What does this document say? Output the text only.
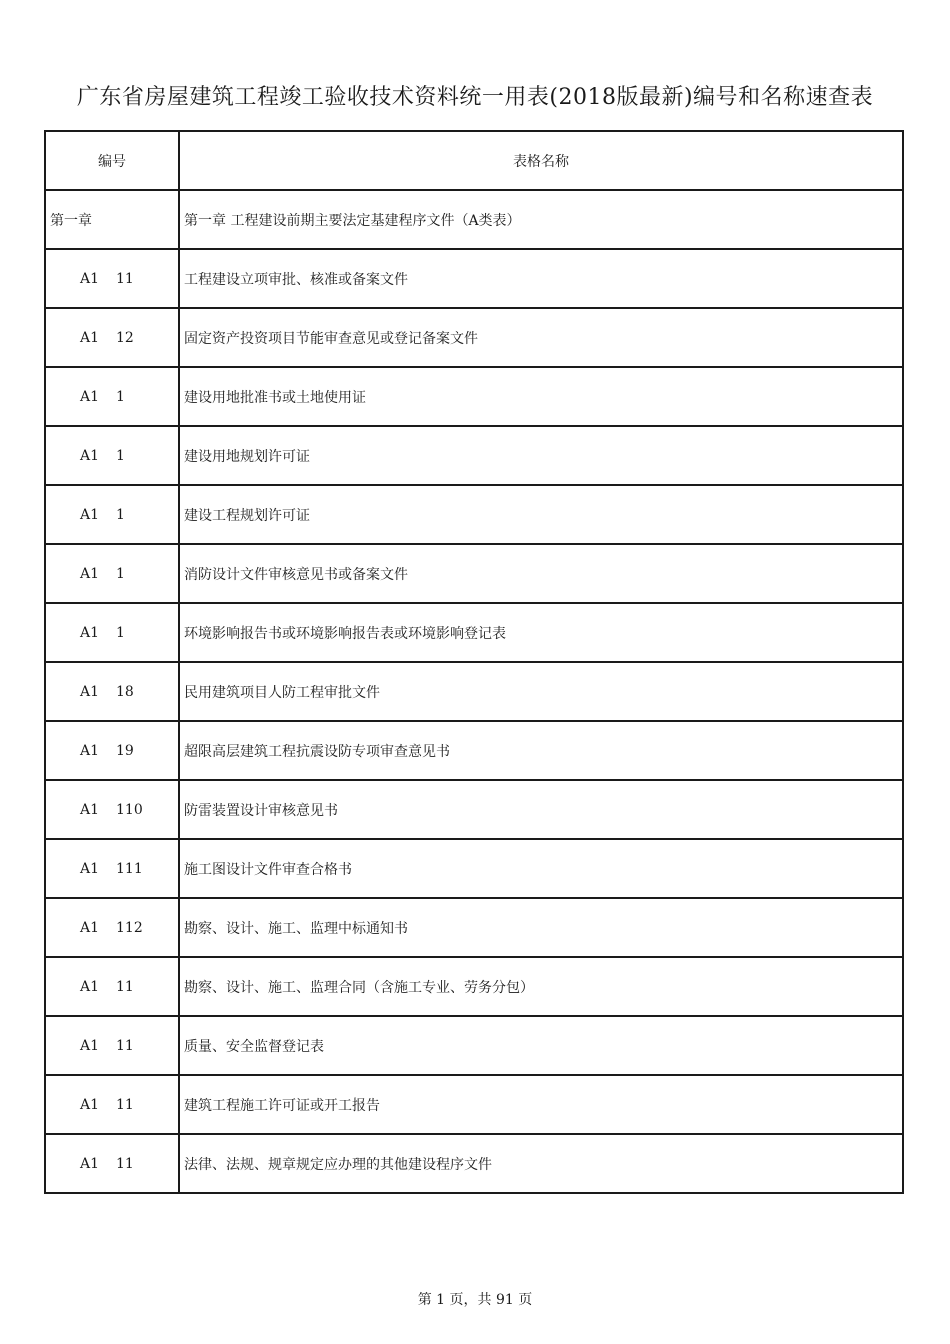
广东省房屋建筑工程竣工验收技术资料统一用表(2018版最新)编号和名称速查表
编号	表格名称
第一章	第一章 工程建设前期主要法定基建程序文件（A类表）
A1 11	工程建设立项审批、核准或备案文件
A1 12	固定资产投资项目节能审查意见或登记备案文件
A1 1	建设用地批准书或土地使用证
A1 1	建设用地规划许可证
A1 1	建设工程规划许可证
A1 1	消防设计文件审核意见书或备案文件
A1 1	环境影响报告书或环境影响报告表或环境影响登记表
A1 18	民用建筑项目人防工程审批文件
A1 19	超限高层建筑工程抗震设防专项审查意见书
A1 110	防雷装置设计审核意见书
A1 111	施工图设计文件审查合格书
A1 112	勘察、设计、施工、监理中标通知书
A1 11	勘察、设计、施工、监理合同（含施工专业、劳务分包）
A1 11	质量、安全监督登记表
A1 11	建筑工程施工许可证或开工报告
A1 11	法律、法规、规章规定应办理的其他建设程序文件
第 1 页，共 91 页
